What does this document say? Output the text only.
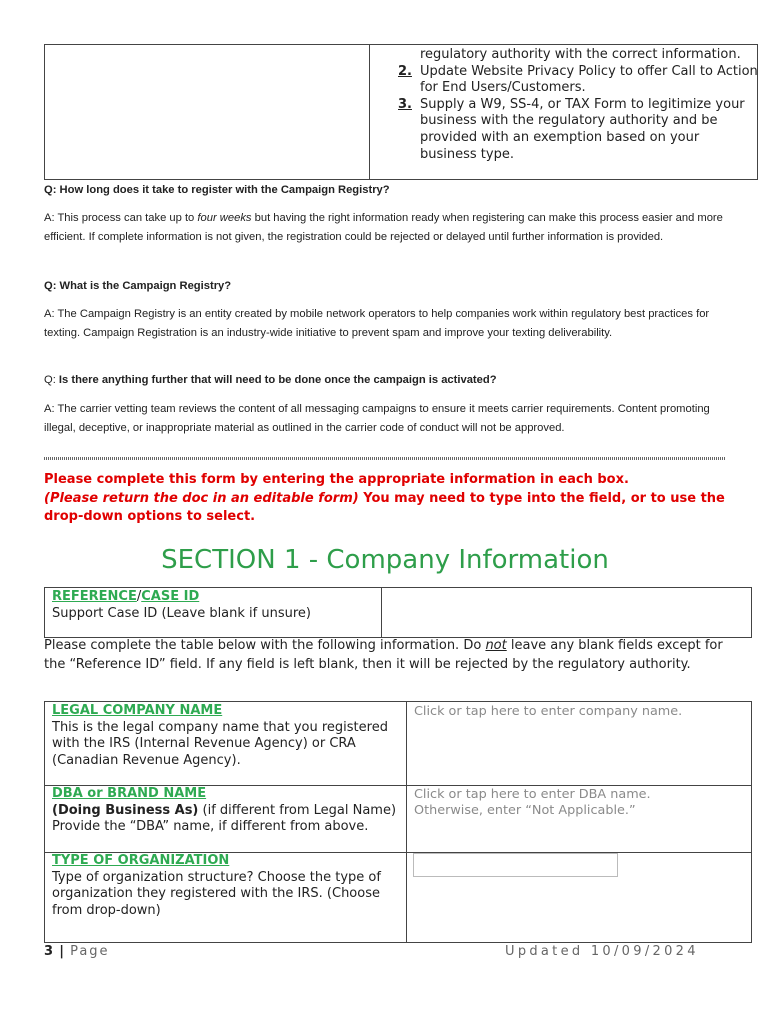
regulatory authority with the correct information.
2. Update Website Privacy Policy to offer Call to Action for End Users/Customers.
3. Supply a W9, SS-4, or TAX Form to legitimize your business with the regulatory authority and be provided with an exemption based on your business type.
Q: How long does it take to register with the Campaign Registry?
A: This process can take up to four weeks but having the right information ready when registering can make this process easier and more efficient. If complete information is not given, the registration could be rejected or delayed until further information is provided.
Q: What is the Campaign Registry?
A: The Campaign Registry is an entity created by mobile network operators to help companies work within regulatory best practices for texting. Campaign Registration is an industry-wide initiative to prevent spam and improve your texting deliverability.
Q: Is there anything further that will need to be done once the campaign is activated?
A: The carrier vetting team reviews the content of all messaging campaigns to ensure it meets carrier requirements. Content promoting illegal, deceptive, or inappropriate material as outlined in the carrier code of conduct will not be approved.
Please complete this form by entering the appropriate information in each box.
(Please return the doc in an editable form) You may need to type into the field, or to use the drop-down options to select.
SECTION 1 - Company Information
REFERENCE/CASE ID
Support Case ID (Leave blank if unsure)
Please complete the table below with the following information. Do not leave any blank fields except for the “Reference ID” field. If any field is left blank, then it will be rejected by the regulatory authority.
LEGAL COMPANY NAME
This is the legal company name that you registered with the IRS (Internal Revenue Agency) or CRA (Canadian Revenue Agency).
Click or tap here to enter company name.
DBA or BRAND NAME
(Doing Business As) (if different from Legal Name) Provide the “DBA” name, if different from above.
Click or tap here to enter DBA name. Otherwise, enter “Not Applicable.”
TYPE OF ORGANIZATION
Type of organization structure? Choose the type of organization they registered with the IRS. (Choose from drop-down)
3 | Page	Updated 10/09/2024
